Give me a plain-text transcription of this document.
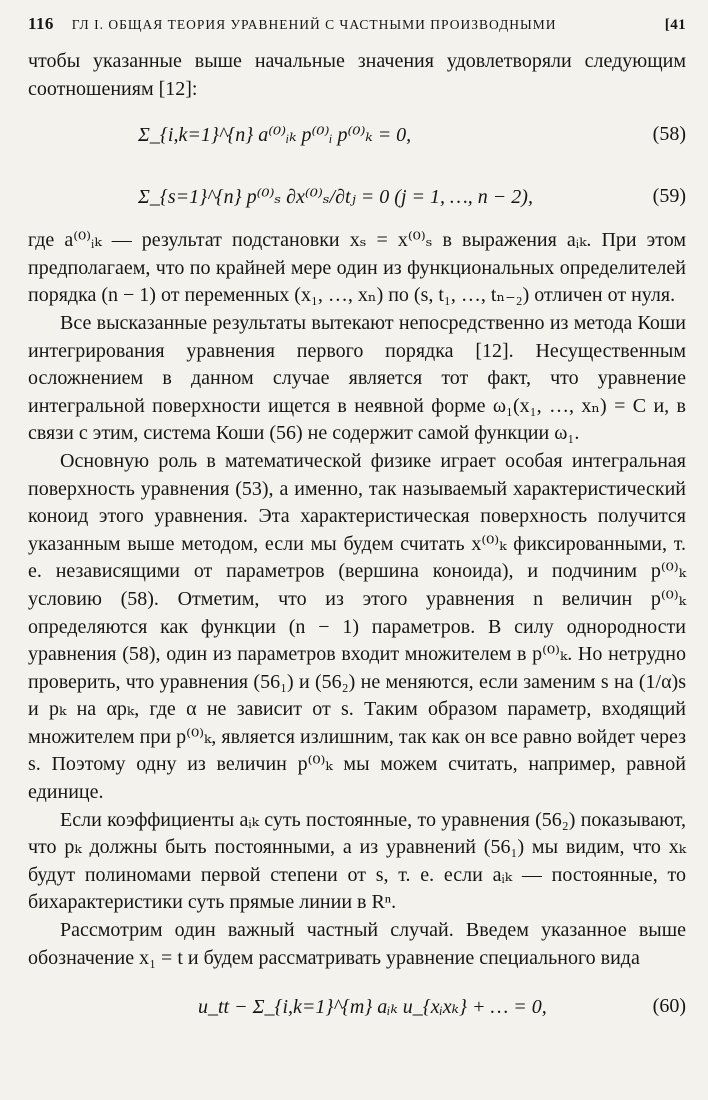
116 ГЛ I. ОБЩАЯ ТЕОРИЯ УРАВНЕНИЙ С ЧАСТНЫМИ ПРОИЗВОДНЫМИ	[41

чтобы указанные выше начальные значения удовлетворяли следующим соотношениям [12]:

Σ_{i,k=1}^{n} a⁽⁰⁾ᵢₖ p⁽⁰⁾ᵢ p⁽⁰⁾ₖ = 0,	(58)
Σ_{s=1}^{n} p⁽⁰⁾ₛ ∂x⁽⁰⁾ₛ/∂tⱼ = 0 (j = 1, …, n − 2),	(59)

где a⁽⁰⁾ᵢₖ — результат подстановки xₛ = x⁽⁰⁾ₛ в выражения aᵢₖ. При этом предполагаем, что по крайней мере один из функциональных определителей порядка (n − 1) от переменных (x₁, …, xₙ) по (s, t₁, …, tₙ₋₂) отличен от нуля.

Все высказанные результаты вытекают непосредственно из метода Коши интегрирования уравнения первого порядка [12]. Несущественным осложнением в данном случае является тот факт, что уравнение интегральной поверхности ищется в неявной форме ω₁(x₁, …, xₙ) = C и, в связи с этим, система Коши (56) не содержит самой функции ω₁.

Основную роль в математической физике играет особая интегральная поверхность уравнения (53), а именно, так называемый характеристический коноид этого уравнения. Эта характеристическая поверхность получится указанным выше методом, если мы будем считать x⁽⁰⁾ₖ фиксированными, т. е. независящими от параметров (вершина коноида), и подчиним p⁽⁰⁾ₖ условию (58). Отметим, что из этого уравнения n величин p⁽⁰⁾ₖ определяются как функции (n − 1) параметров. В силу однородности уравнения (58), один из параметров входит множителем в p⁽⁰⁾ₖ. Но нетрудно проверить, что уравнения (56₁) и (56₂) не меняются, если заменим s на (1/α)s и pₖ на αpₖ, где α не зависит от s. Таким образом параметр, входящий множителем при p⁽⁰⁾ₖ, является излишним, так как он все равно войдет через s. Поэтому одну из величин p⁽⁰⁾ₖ мы можем считать, например, равной единице.

Если коэффициенты aᵢₖ суть постоянные, то уравнения (56₂) показывают, что pₖ должны быть постоянными, а из уравнений (56₁) мы видим, что xₖ будут полиномами первой степени от s, т. е. если aᵢₖ — постоянные, то бихарактеристики суть прямые линии в Rⁿ.

Рассмотрим один важный частный случай. Введем указанное выше обозначение x₁ = t и будем рассматривать уравнение специального вида

u_tt − Σ_{i,k=1}^{m} aᵢₖ u_{xᵢxₖ} + … = 0,	(60)
